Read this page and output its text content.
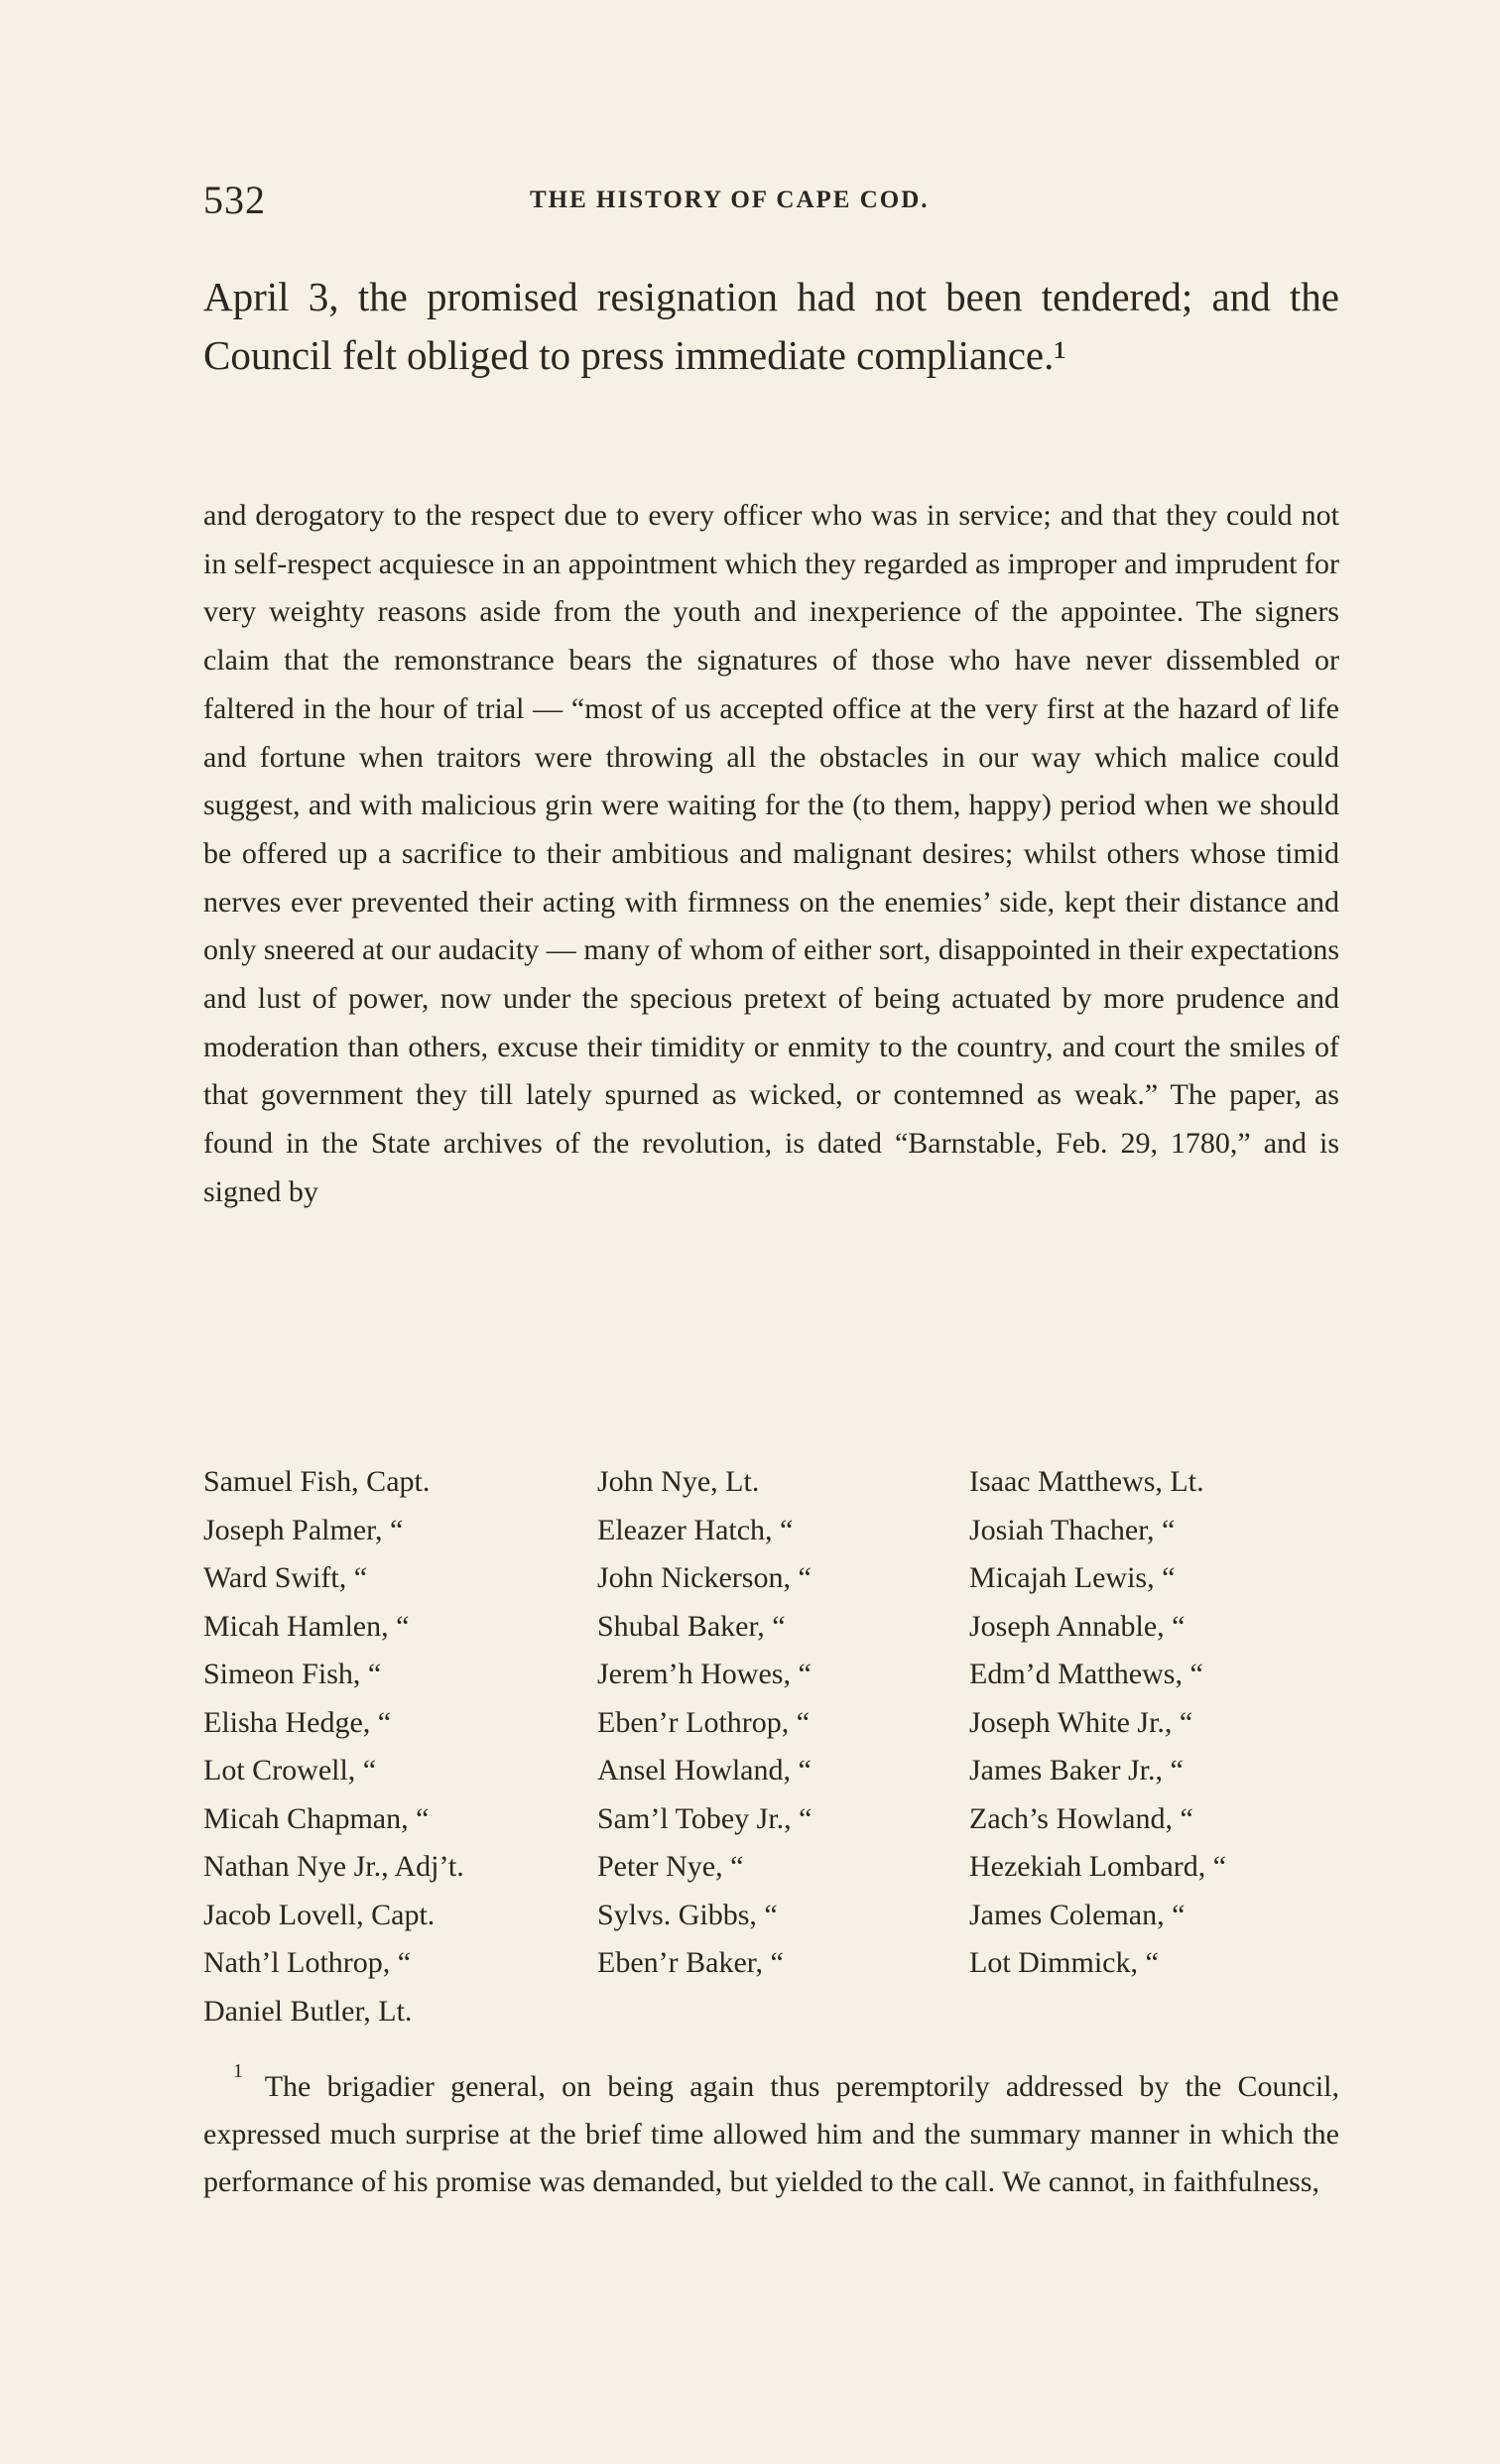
532	THE HISTORY OF CAPE COD.
April 3, the promised resignation had not been tendered; and the Council felt obliged to press immediate compliance.¹
and derogatory to the respect due to every officer who was in service; and that they could not in self-respect acquiesce in an appointment which they regarded as improper and imprudent for very weighty reasons aside from the youth and inexperience of the appointee. The signers claim that the remonstrance bears the signatures of those who have never dissembled or faltered in the hour of trial — “most of us accepted office at the very first at the hazard of life and fortune when traitors were throwing all the obstacles in our way which malice could suggest, and with malicious grin were waiting for the (to them, happy) period when we should be offered up a sacrifice to their ambitious and malignant desires; whilst others whose timid nerves ever prevented their acting with firmness on the enemies’ side, kept their distance and only sneered at our audacity — many of whom of either sort, disappointed in their expectations and lust of power, now under the specious pretext of being actuated by more prudence and moderation than others, excuse their timidity or enmity to the country, and court the smiles of that government they till lately spurned as wicked, or contemned as weak.” The paper, as found in the State archives of the revolution, is dated “Barnstable, Feb. 29, 1780,” and is signed by
Samuel Fish, Capt.
Joseph Palmer, “
Ward Swift, “
Micah Hamlen, “
Simeon Fish, “
Elisha Hedge, “
Lot Crowell, “
Micah Chapman, “
Nathan Nye Jr., Adj’t.
Jacob Lovell, Capt.
Nath’l Lothrop, “
Daniel Butler, Lt.
John Nye, Lt.
Eleazer Hatch, “
John Nickerson, “
Shubal Baker, “
Jerem’h Howes, “
Eben’r Lothrop, “
Ansel Howland, “
Sam’l Tobey Jr., “
Peter Nye, “
Sylvs. Gibbs, “
Eben’r Baker, “
Isaac Matthews, Lt.
Josiah Thacher, “
Micajah Lewis, “
Joseph Annable, “
Edm’d Matthews, “
Joseph White Jr., “
James Baker Jr., “
Zach’s Howland, “
Hezekiah Lombard, “
James Coleman, “
Lot Dimmick, “
$^1$ The brigadier general, on being again thus peremptorily addressed by the Council, expressed much surprise at the brief time allowed him and the summary manner in which the performance of his promise was demanded, but yielded to the call. We cannot, in faithfulness,
